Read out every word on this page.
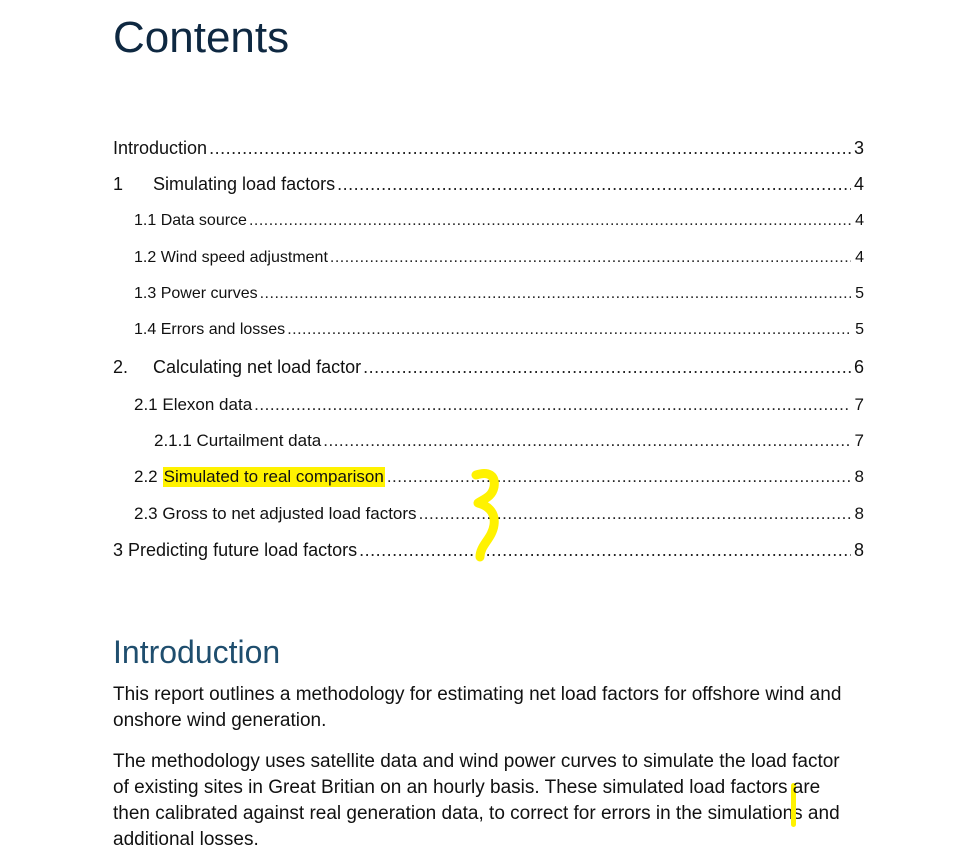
Contents
Introduction .....	3
1	Simulating load factors .....	4
1.1 Data source .....	4
1.2 Wind speed adjustment .....	4
1.3 Power curves .....	5
1.4 Errors and losses .....	5
2.	Calculating net load factor .....	6
2.1 Elexon data .....	7
2.1.1 Curtailment data .....	7
2.2 Simulated to real comparison .....	8
2.3 Gross to net adjusted load factors .....	8
3 Predicting future load factors .....	8
Introduction

This report outlines a methodology for estimating net load factors for offshore wind and onshore wind generation.

The methodology uses satellite data and wind power curves to simulate the load factor of existing sites in Great Britian on an hourly basis. These simulated load factors are then calibrated against real generation data, to correct for errors in the simulations and additional losses.
